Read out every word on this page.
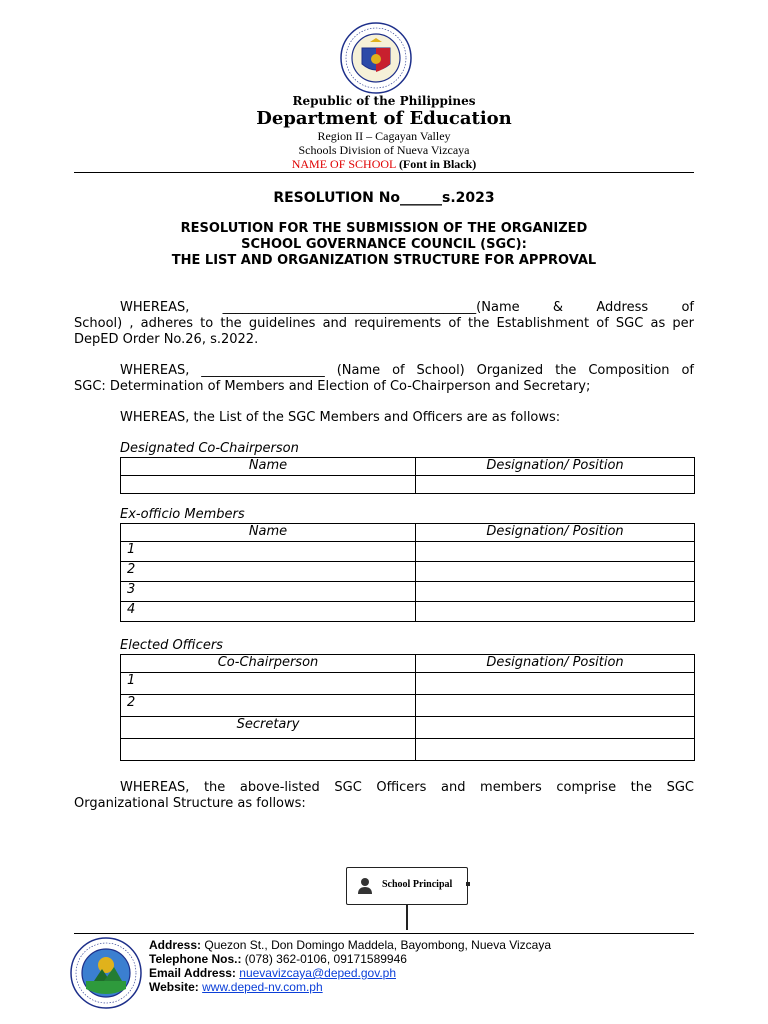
Republic of the Philippines
Department of Education
Region II – Cagayan Valley
Schools Division of Nueva Vizcaya
NAME OF SCHOOL (Font in Black)
RESOLUTION No______s.2023
RESOLUTION FOR THE SUBMISSION OF THE ORGANIZED
SCHOOL GOVERNANCE COUNCIL (SGC):
THE LIST AND ORGANIZATION STRUCTURE FOR APPROVAL
WHEREAS, _______________________________________(Name & Address of
School) , adheres to the guidelines and requirements of the Establishment of SGC as per
DepED Order No.26, s.2022.
WHEREAS, ___________________ (Name of School) Organized the Composition of
SGC: Determination of Members and Election of Co-Chairperson and Secretary;
WHEREAS, the List of the SGC Members and Officers are as follows:
Designated Co-Chairperson
Name	Designation/ Position

Ex-officio Members
Name	Designation/ Position
1	
2	
3	
4	
Elected Officers
Co-Chairperson	Designation/ Position
1	
2	
Secretary	

WHEREAS, the above-listed SGC Officers and members comprise the SGC
Organizational Structure as follows:
School Principal
Address: Quezon St., Don Domingo Maddela, Bayombong, Nueva Vizcaya
Telephone Nos.: (078) 362-0106, 09171589946
Email Address: nuevavizcaya@deped.gov.ph
Website: www.deped-nv.com.ph
